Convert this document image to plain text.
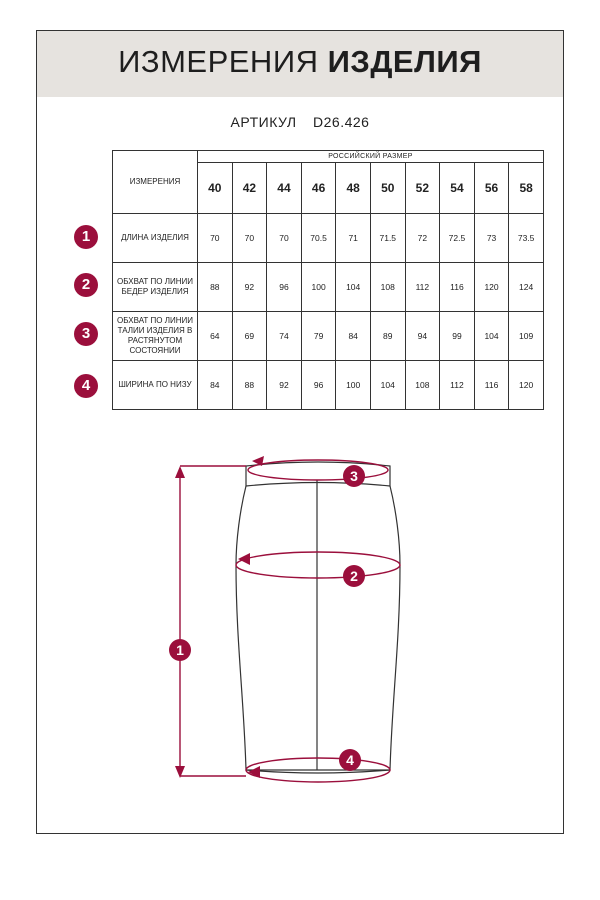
ИЗМЕРЕНИЯ ИЗДЕЛИЯ
АРТИКУЛ D26.426
ИЗМЕРЕНИЯ	РОССИЙСКИЙ РАЗМЕР									
	40	42	44	46	48	50	52	54	56	58
ДЛИНА ИЗДЕЛИЯ	70	70	70	70.5	71	71.5	72	72.5	73	73.5
ОБХВАТ ПО ЛИНИИ БЕДЕР ИЗДЕЛИЯ	88	92	96	100	104	108	112	116	120	124
ОБХВАТ ПО ЛИНИИ ТАЛИИ ИЗДЕЛИЯ В РАСТЯНУТОМ СОСТОЯНИИ	64	69	74	79	84	89	94	99	104	109
ШИРИНА ПО НИЗУ	84	88	92	96	100	104	108	112	116	120
1
2
3
4
3
2
1
4
